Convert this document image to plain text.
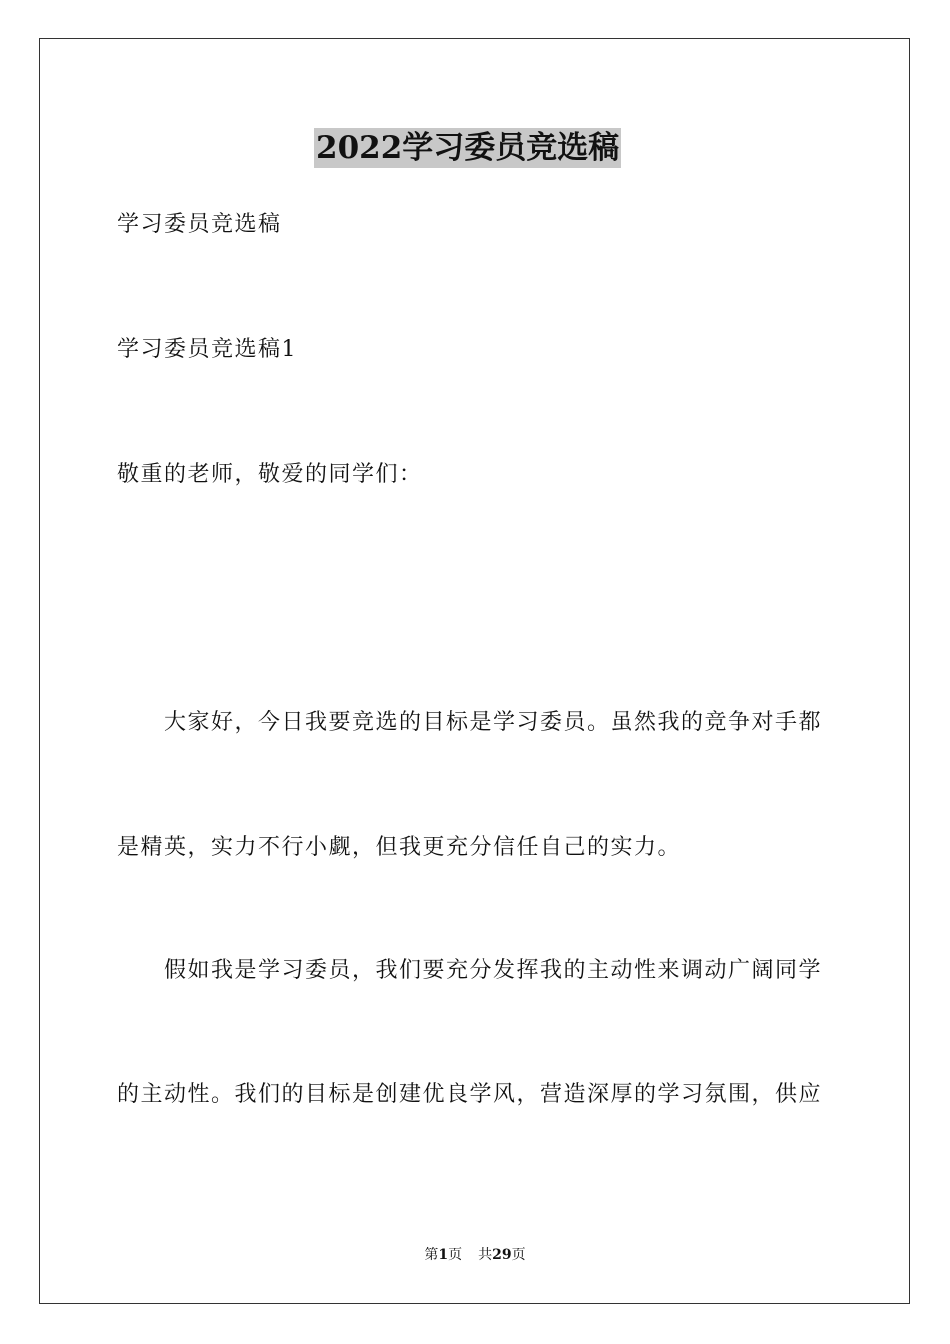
2022学习委员竞选稿
学习委员竞选稿
学习委员竞选稿1
敬重的老师，敬爱的同学们：
大家好，今日我要竞选的目标是学习委员。虽然我的竞争对手都
是精英，实力不行小觑，但我更充分信任自己的实力。
假如我是学习委员，我们要充分发挥我的主动性来调动广阔同学
的主动性。我们的目标是创建优良学风，营造深厚的学习氛围，供应
第1页 共29页
